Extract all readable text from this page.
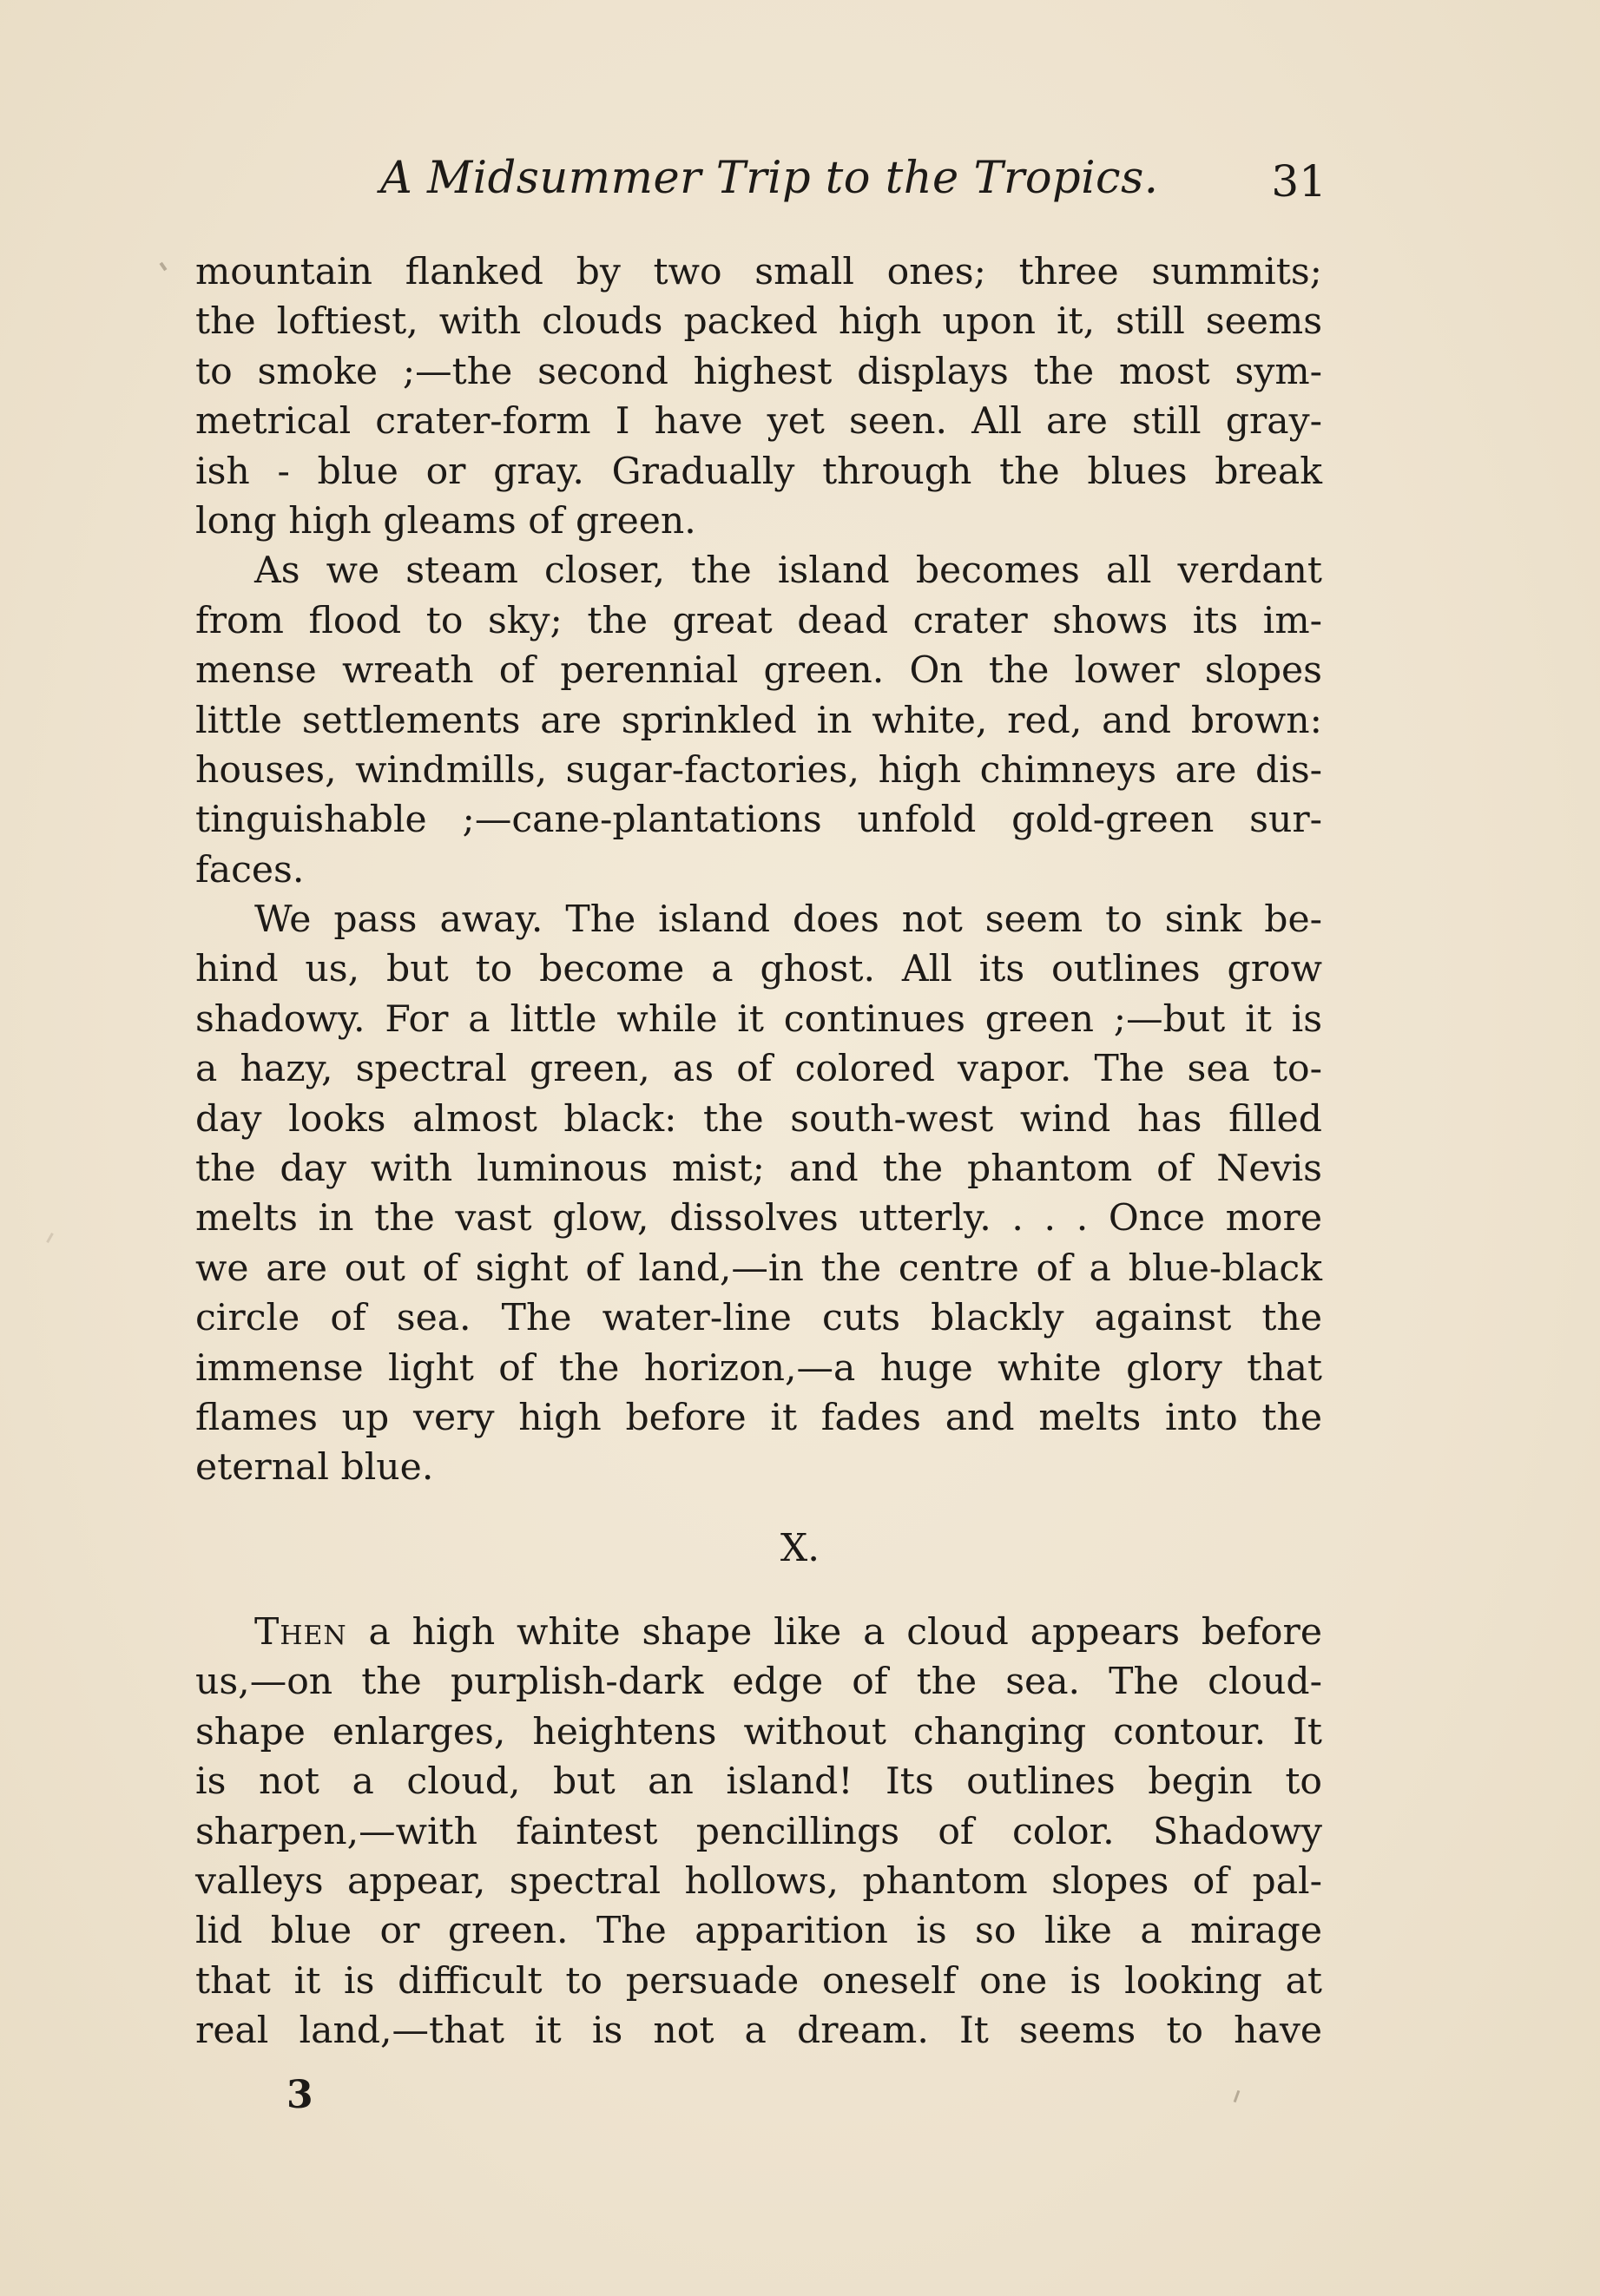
A Midsummer Trip to the Tropics.	31
mountain flanked by two small ones; three summits;
the loftiest, with clouds packed high upon it, still seems
to smoke ;—the second highest displays the most sym-
metrical crater-form I have yet seen. All are still gray-
ish - blue or gray. Gradually through the blues break
long high gleams of green.
As we steam closer, the island becomes all verdant
from flood to sky; the great dead crater shows its im-
mense wreath of perennial green. On the lower slopes
little settlements are sprinkled in white, red, and brown:
houses, windmills, sugar-factories, high chimneys are dis-
tinguishable ;—cane-plantations unfold gold-green sur-
faces.
We pass away. The island does not seem to sink be-
hind us, but to become a ghost. All its outlines grow
shadowy. For a little while it continues green ;—but it is
a hazy, spectral green, as of colored vapor. The sea to-
day looks almost black: the south-west wind has filled
the day with luminous mist; and the phantom of Nevis
melts in the vast glow, dissolves utterly. . . . Once more
we are out of sight of land,—in the centre of a blue-black
circle of sea. The water-line cuts blackly against the
immense light of the horizon,—a huge white glory that
flames up very high before it fades and melts into the
eternal blue.
X.
Then a high white shape like a cloud appears before
us,—on the purplish-dark edge of the sea. The cloud-
shape enlarges, heightens without changing contour. It
is not a cloud, but an island! Its outlines begin to
sharpen,—with faintest pencillings of color. Shadowy
valleys appear, spectral hollows, phantom slopes of pal-
lid blue or green. The apparition is so like a mirage
that it is difficult to persuade oneself one is looking at
real land,—that it is not a dream. It seems to have
3
